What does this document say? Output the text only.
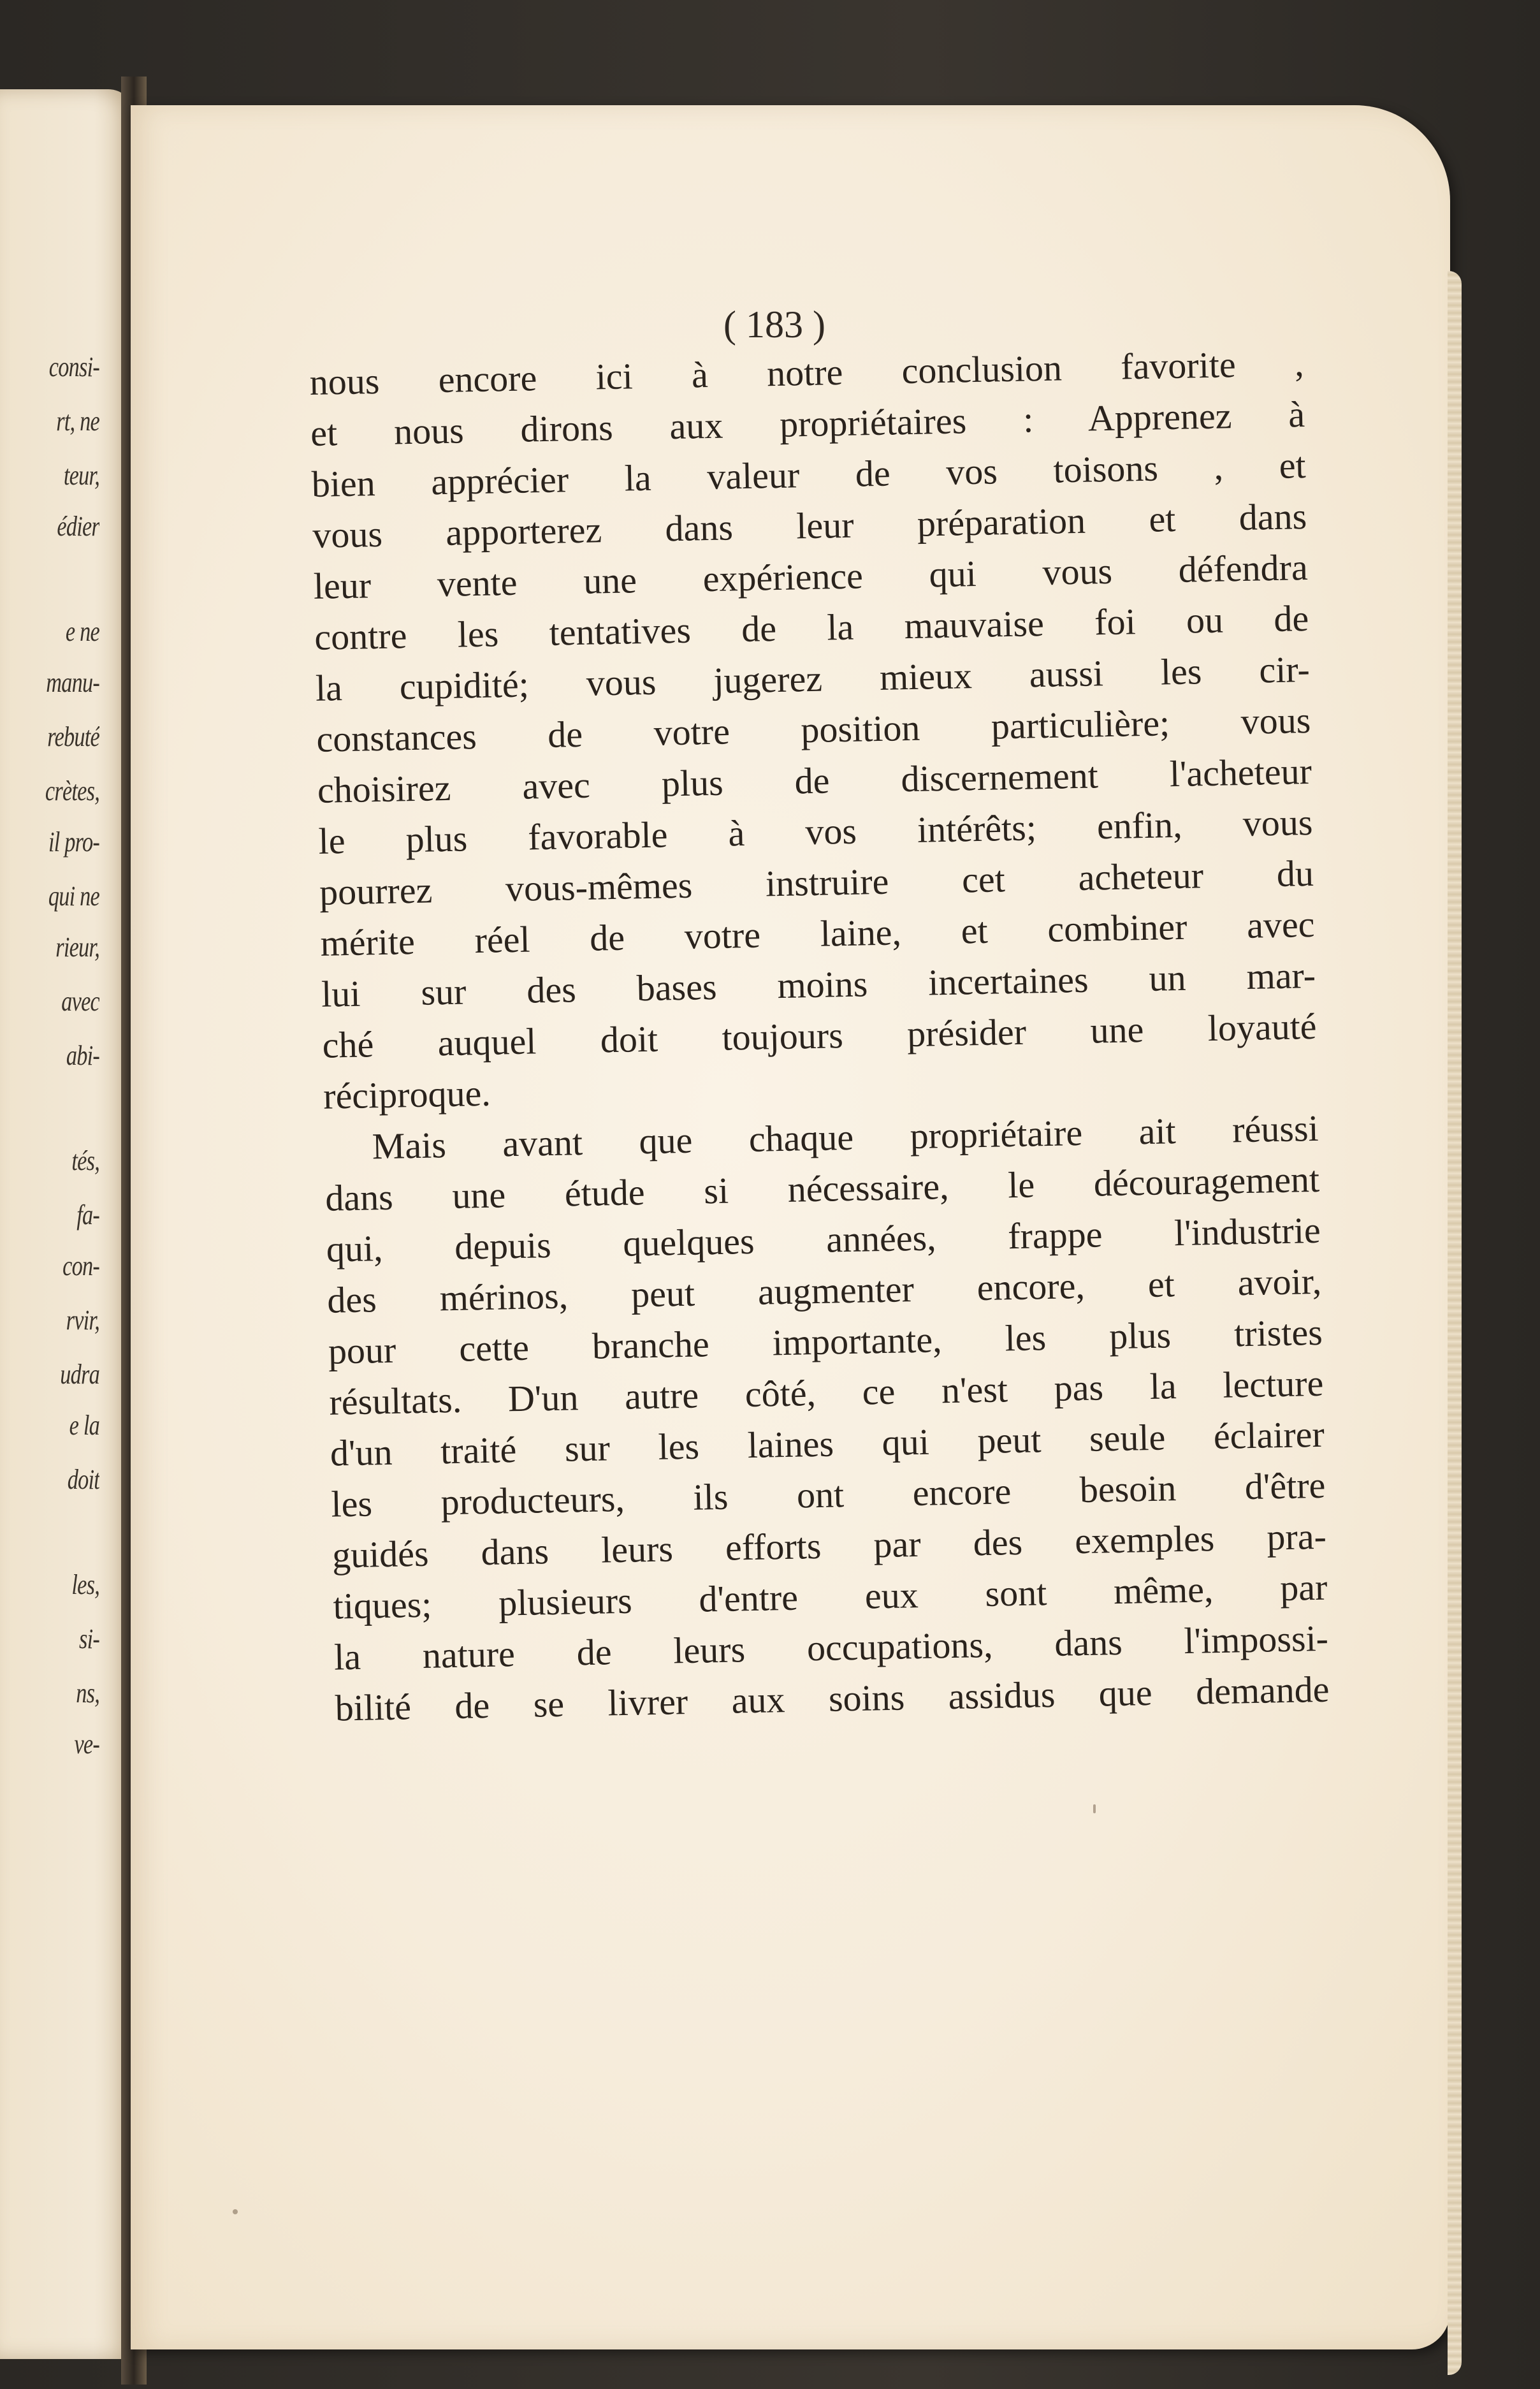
consi-
rt, ne
teur,
édier
e ne
manu-
rebuté
crètes,
il pro-
qui ne
rieur,
avec
abi-
tés,
fa-
con-
rvir,
udra
e la
doit
les,
si-
ns,
ve-
( 183 )
nous encore ici à notre conclusion favorite ,
et nous dirons aux propriétaires : Apprenez à
bien apprécier la valeur de vos toisons , et
vous apporterez dans leur préparation et dans
leur vente une expérience qui vous défendra
contre les tentatives de la mauvaise foi ou de
la cupidité; vous jugerez mieux aussi les cir-
constances de votre position particulière; vous
choisirez avec plus de discernement l'acheteur
le plus favorable à vos intérêts; enfin, vous
pourrez vous-mêmes instruire cet acheteur du
mérite réel de votre laine, et combiner avec
lui sur des bases moins incertaines un mar-
ché auquel doit toujours présider une loyauté
réciproque.
Mais avant que chaque propriétaire ait réussi
dans une étude si nécessaire, le découragement
qui, depuis quelques années, frappe l'industrie
des mérinos, peut augmenter encore, et avoir,
pour cette branche importante, les plus tristes
résultats. D'un autre côté, ce n'est pas la lecture
d'un traité sur les laines qui peut seule éclairer
les producteurs, ils ont encore besoin d'être
guidés dans leurs efforts par des exemples pra-
tiques; plusieurs d'entre eux sont même, par
la nature de leurs occupations, dans l'impossi-
bilité de se livrer aux soins assidus que demande
